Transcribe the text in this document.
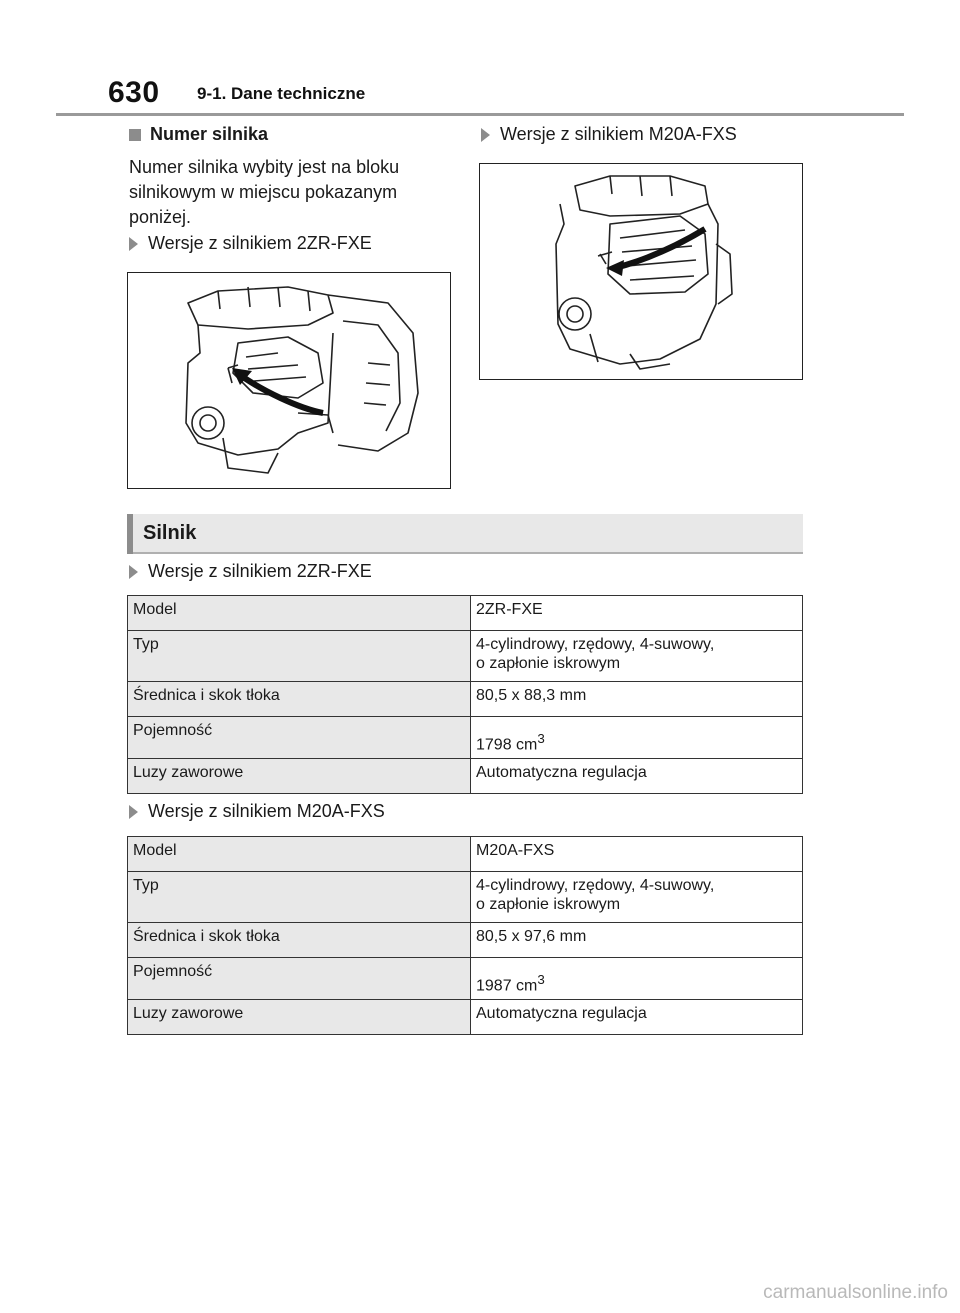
630 9-1. Dane techniczne
Numer silnika
Numer silnika wybity jest na bloku silnikowym w miejscu pokazanym poniżej.
Wersje z silnikiem 2ZR-FXE
Wersje z silnikiem M20A-FXS
Silnik
Wersje z silnikiem 2ZR-FXE
Model	2ZR-FXE
Typ	4-cylindrowy, rzędowy, 4-suwowy,
o zapłonie iskrowym
Średnica i skok tłoka	80,5 x 88,3 mm
Pojemność	1798 $cm^3$
Luzy zaworowe	Automatyczna regulacja
Wersje z silnikiem M20A-FXS
Model	M20A-FXS
Typ	4-cylindrowy, rzędowy, 4-suwowy,
o zapłonie iskrowym
Średnica i skok tłoka	80,5 x 97,6 mm
Pojemność	1987 $cm^3$
Luzy zaworowe	Automatyczna regulacja
carmanualsonline.info
